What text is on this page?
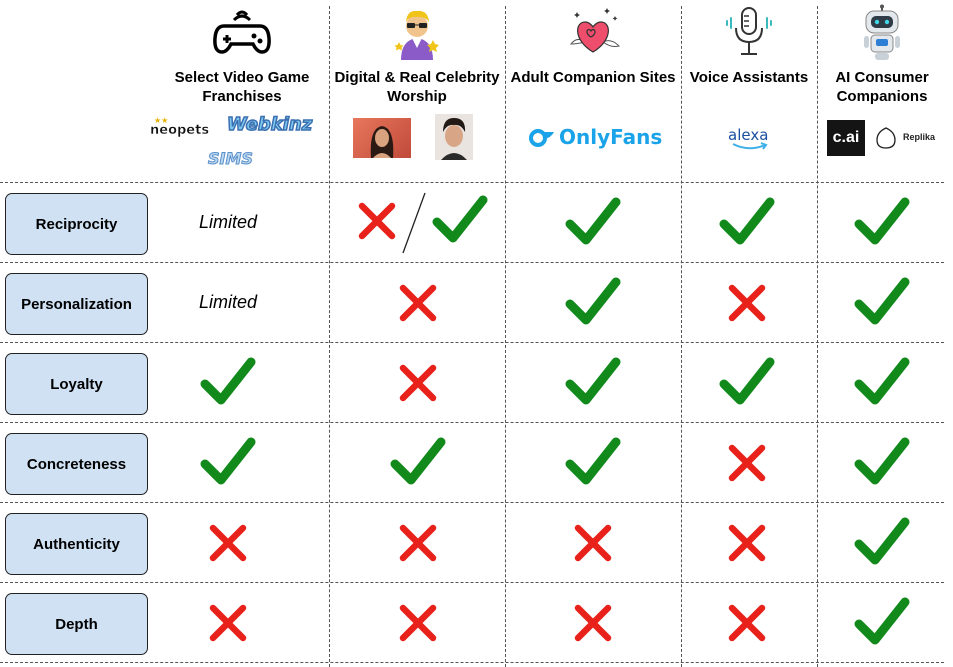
Select Video Game Franchises
★★
neopets Webkinz
SIMS
Digital & Real Celebrity Worship
Adult Companion Sites
OnlyFans
Voice Assistants
alexa
AI Consumer Companions
c.ai	Replika
Reciprocity
Personalization
Loyalty
Concreteness
Authenticity
Depth
Limited
Limited
